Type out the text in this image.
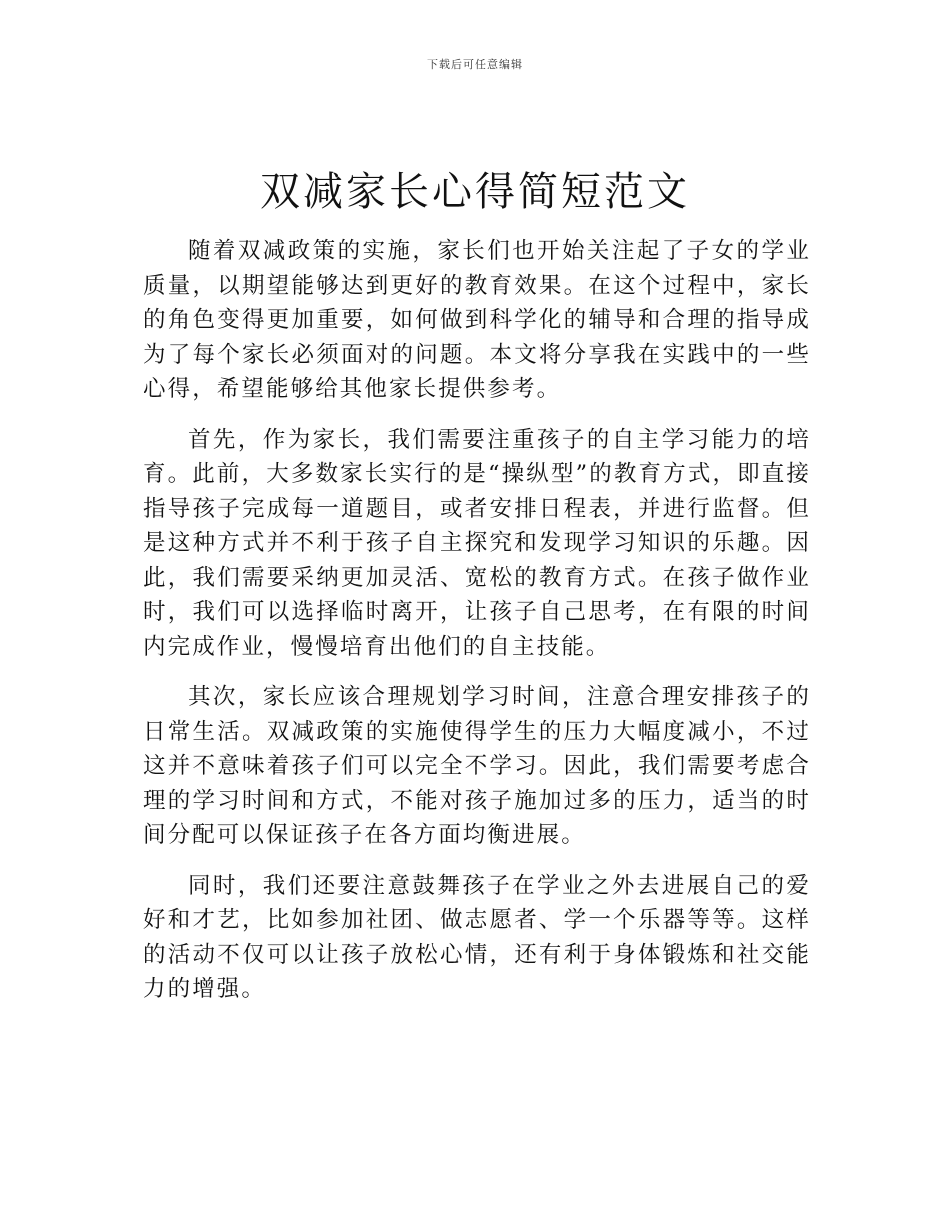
下载后可任意编辑
双减家长心得简短范文

随着双减政策的实施，家长们也开始关注起了子女的学业质量，以期望能够达到更好的教育效果。在这个过程中，家长的角色变得更加重要，如何做到科学化的辅导和合理的指导成为了每个家长必须面对的问题。本文将分享我在实践中的一些心得，希望能够给其他家长提供参考。

首先，作为家长，我们需要注重孩子的自主学习能力的培育。此前，大多数家长实行的是“操纵型”的教育方式，即直接指导孩子完成每一道题目，或者安排日程表，并进行监督。但是这种方式并不利于孩子自主探究和发现学习知识的乐趣。因此，我们需要采纳更加灵活、宽松的教育方式。在孩子做作业时，我们可以选择临时离开，让孩子自己思考，在有限的时间内完成作业，慢慢培育出他们的自主技能。

其次，家长应该合理规划学习时间，注意合理安排孩子的日常生活。双减政策的实施使得学生的压力大幅度减小，不过这并不意味着孩子们可以完全不学习。因此，我们需要考虑合理的学习时间和方式，不能对孩子施加过多的压力，适当的时间分配可以保证孩子在各方面均衡进展。

同时，我们还要注意鼓舞孩子在学业之外去进展自己的爱好和才艺，比如参加社团、做志愿者、学一个乐器等等。这样的活动不仅可以让孩子放松心情，还有利于身体锻炼和社交能力的增强。
